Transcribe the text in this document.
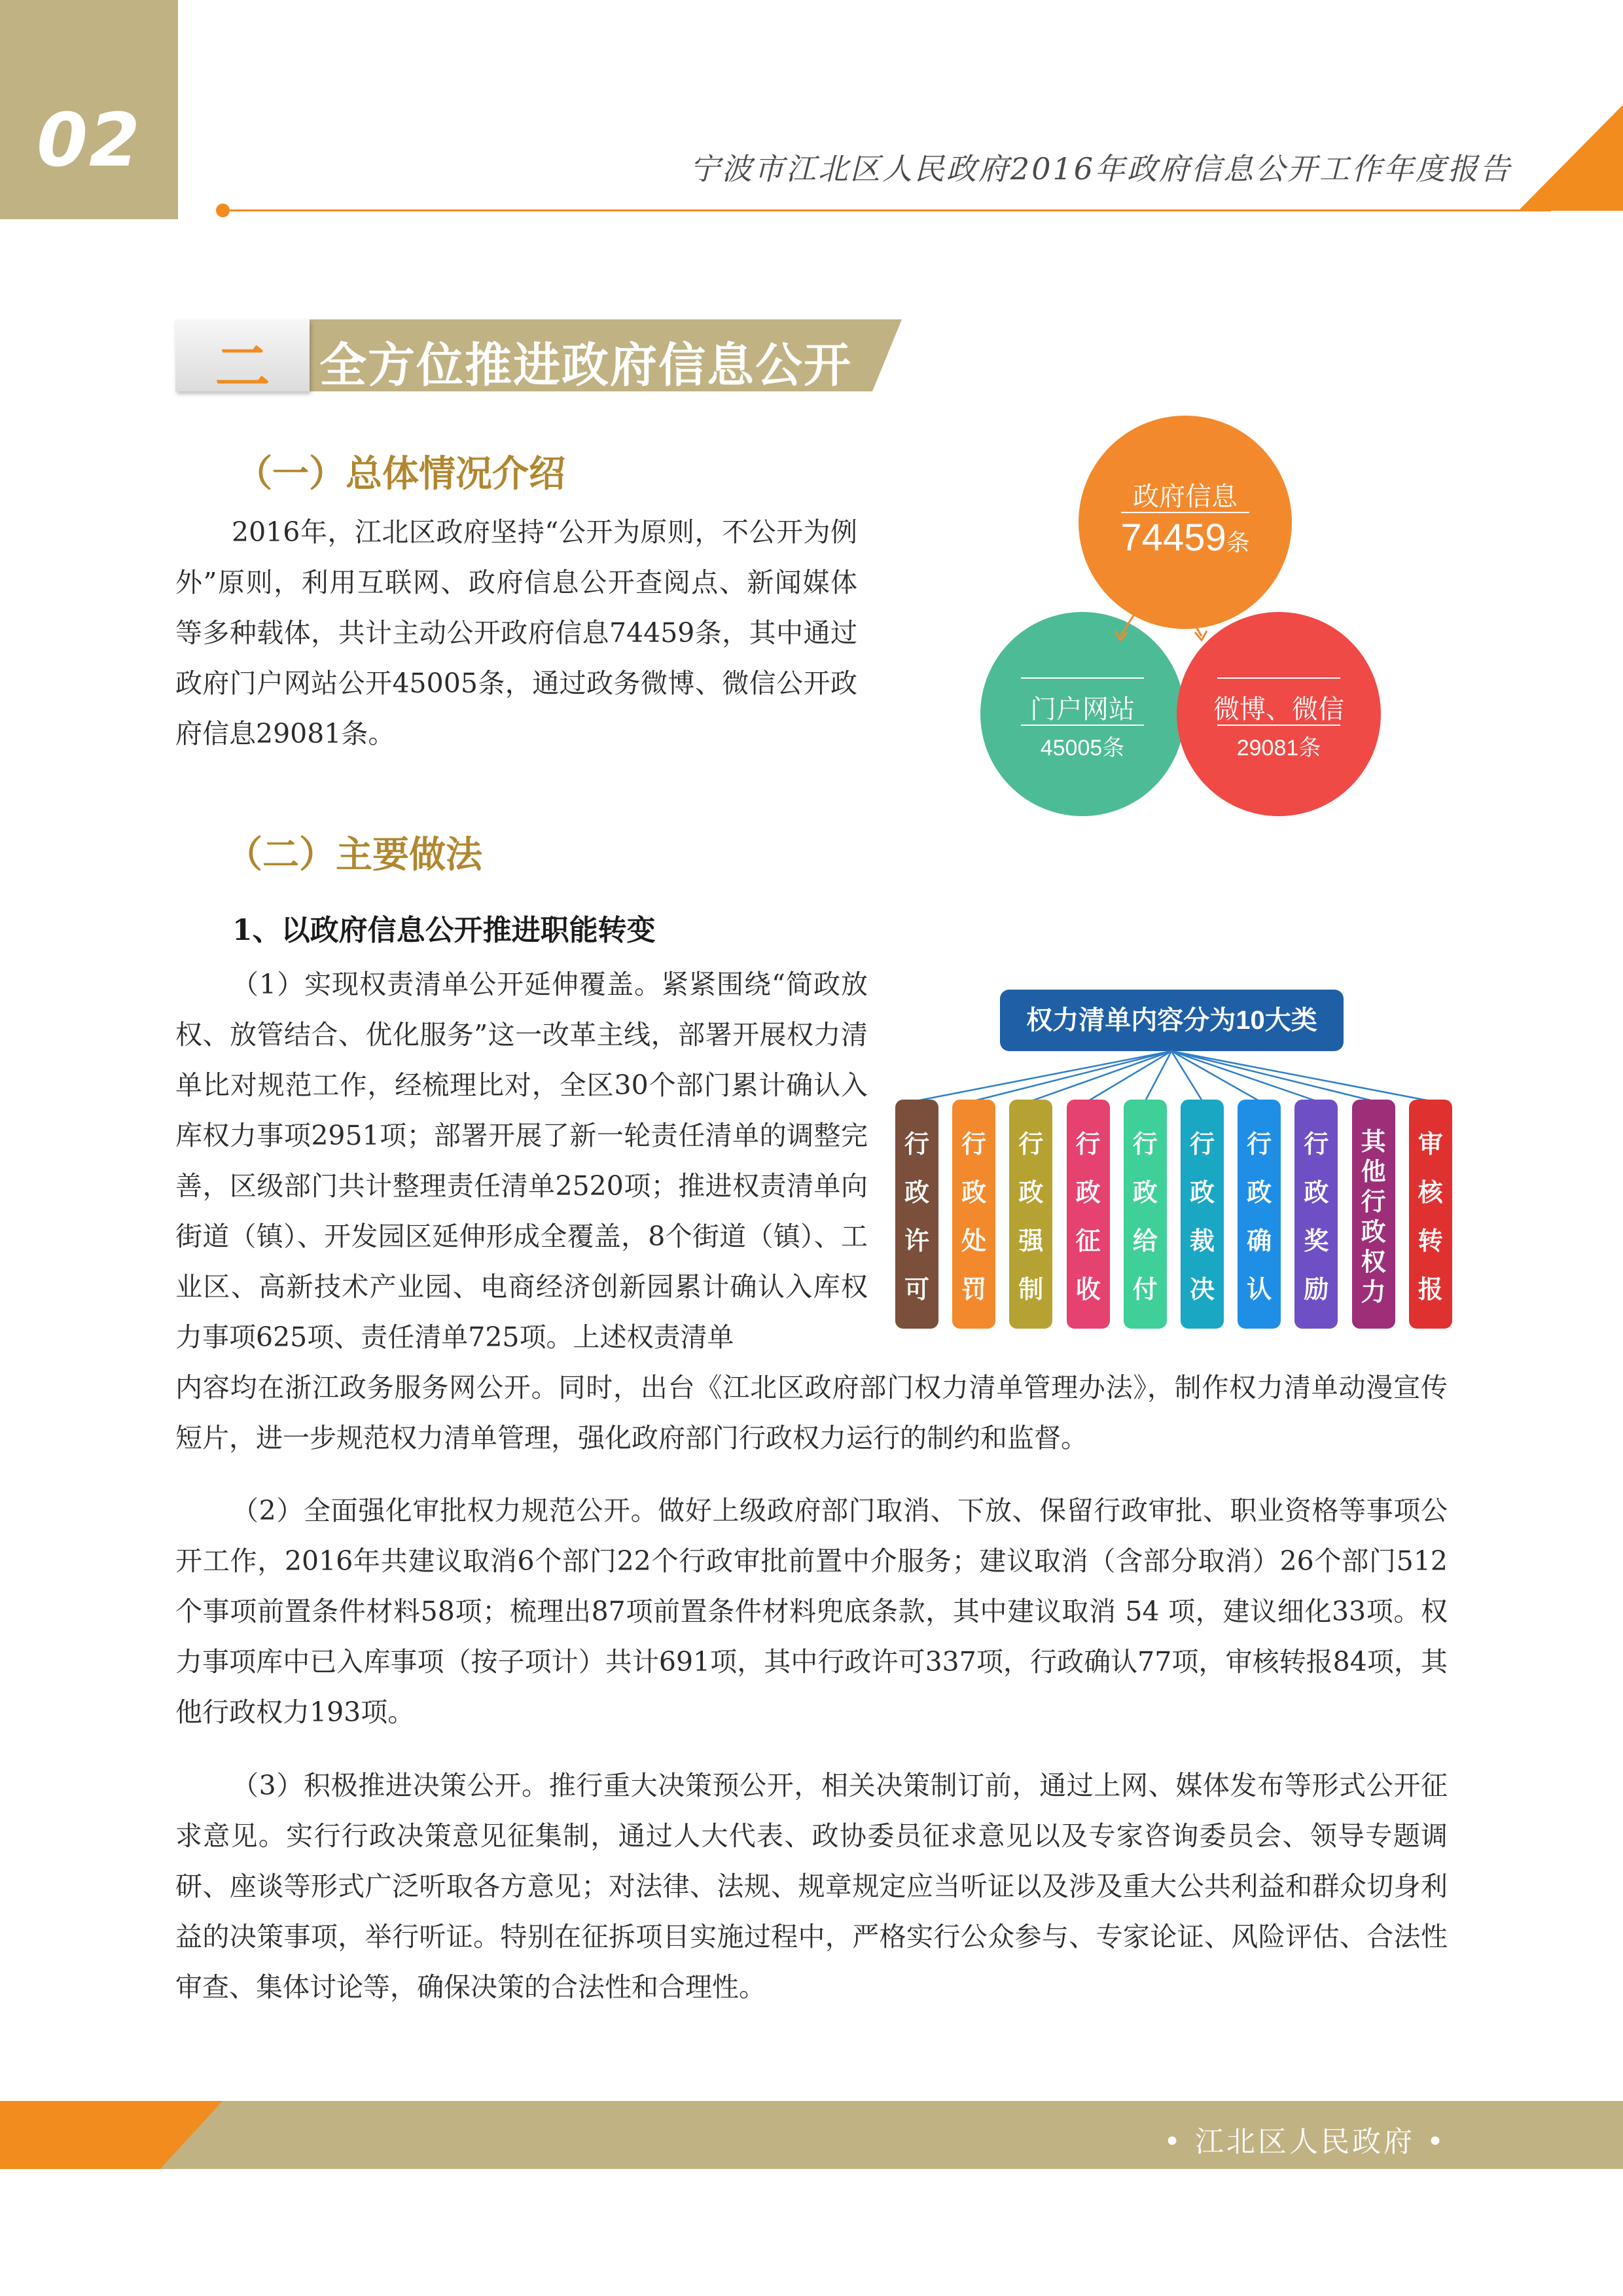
02	宁波市江北区人民政府2016年政府信息公开工作年度报告
二	全方位推进政府信息公开
（一）总体情况介绍

2016年，江北区政府坚持“公开为原则，不公开为例外”原则，利用互联网、政府信息公开查阅点、新闻媒体等多种载体，共计主动公开政府信息74459条，其中通过政府门户网站公开45005条，通过政务微博、微信公开政府信息29081条。

政府信息
74459条
门户网站
45005条
微博、微信
29081条
（二）主要做法
1、以政府信息公开推进职能转变

（1）实现权责清单公开延伸覆盖。紧紧围绕“简政放权、放管结合、优化服务”这一改革主线，部署开展权力清单比对规范工作，经梳理比对，全区30个部门累计确认入库权力事项2951项；部署开展了新一轮责任清单的调整完善，区级部门共计整理责任清单2520项；推进权责清单向街道（镇）、开发园区延伸形成全覆盖，8个街道（镇）、工业区、高新技术产业园、电商经济创新园累计确认入库权力事项625项、责任清单725项。上述权责清单

内容均在浙江政务服务网公开。同时，出台《江北区政府部门权力清单管理办法》，制作权力清单动漫宣传短片，进一步规范权力清单管理，强化政府部门行政权力运行的制约和监督。

（2）全面强化审批权力规范公开。做好上级政府部门取消、下放、保留行政审批、职业资格等事项公开工作，2016年共建议取消6个部门22个行政审批前置中介服务；建议取消（含部分取消）26个部门512个事项前置条件材料58项；梳理出87项前置条件材料兜底条款，其中建议取消 54 项，建议细化33项。权力事项库中已入库事项（按子项计）共计691项，其中行政许可337项，行政确认77项，审核转报84项，其他行政权力193项。

（3）积极推进决策公开。推行重大决策预公开，相关决策制订前，通过上网、媒体发布等形式公开征求意见。实行行政决策意见征集制，通过人大代表、政协委员征求意见以及专家咨询委员会、领导专题调研、座谈等形式广泛听取各方意见；对法律、法规、规章规定应当听证以及涉及重大公共利益和群众切身利益的决策事项，举行听证。特别在征拆项目实施过程中，严格实行公众参与、专家论证、风险评估、合法性审查、集体讨论等，确保决策的合法性和合理性。

权力清单内容分为10大类
行政许可
行政处罚
行政强制
行政征收
行政给付
行政裁决
行政确认
行政奖励
其他行政权力
审核转报
• 江北区人民政府 •
